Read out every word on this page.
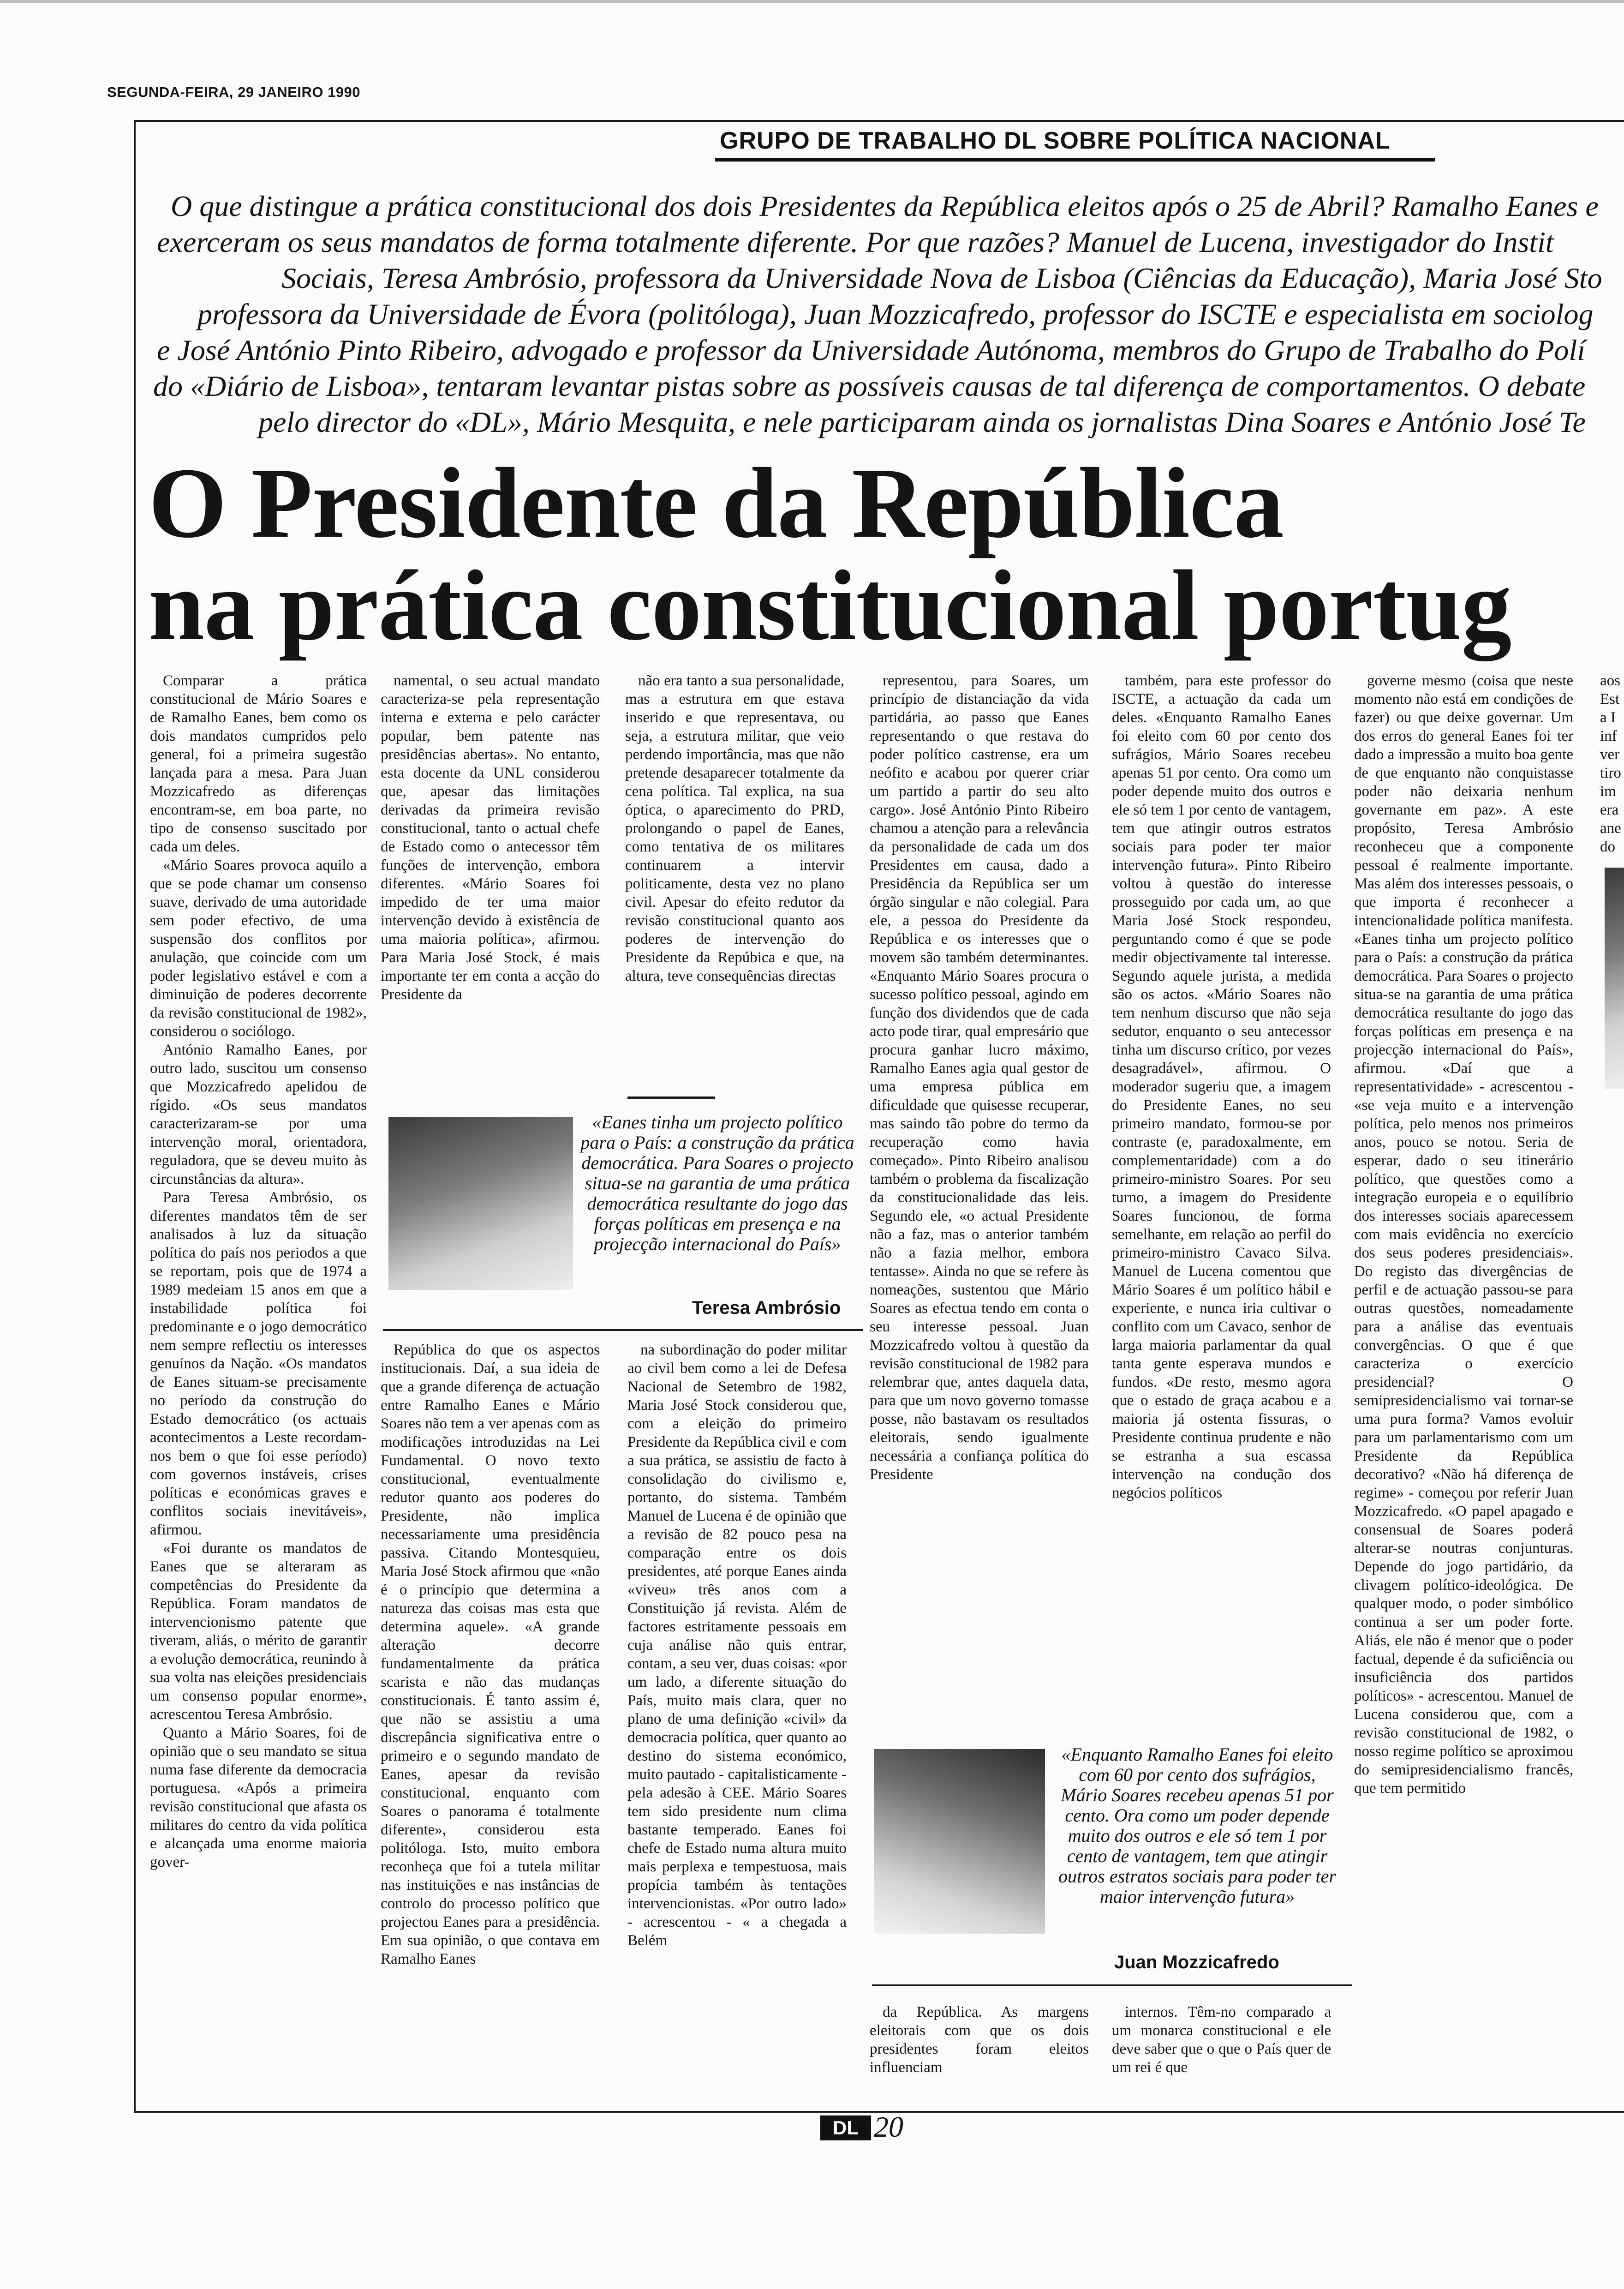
SEGUNDA-FEIRA, 29 JANEIRO 1990
GRUPO DE TRABALHO DL SOBRE POLÍTICA NACIONAL
O que distingue a prática constitucional dos dois Presidentes da República eleitos após o 25 de Abril? Ramalho Eanes e
exerceram os seus mandatos de forma totalmente diferente. Por que razões? Manuel de Lucena, investigador do Instit
Sociais, Teresa Ambrósio, professora da Universidade Nova de Lisboa (Ciências da Educação), Maria José Sto
professora da Universidade de Évora (politóloga), Juan Mozzicafredo, professor do ISCTE e especialista em sociolog
e José António Pinto Ribeiro, advogado e professor da Universidade Autónoma, membros do Grupo de Trabalho do Polí
do «Diário de Lisboa», tentaram levantar pistas sobre as possíveis causas de tal diferença de comportamentos. O debate
pelo director do «DL», Mário Mesquita, e nele participaram ainda os jornalistas Dina Soares e António José Te
O Presidente da República
na prática constitucional portug

Comparar a prática constitucional de Mário Soares e de Ramalho Eanes, bem como os dois mandatos cumpridos pelo general, foi a primeira sugestão lançada para a mesa. Para Juan Mozzicafredo as diferenças encontram-se, em boa parte, no tipo de consenso suscitado por cada um deles.

«Mário Soares provoca aquilo a que se pode chamar um consenso suave, derivado de uma autoridade sem poder efectivo, de uma suspensão dos conflitos por anulação, que coincide com um poder legislativo estável e com a diminuição de poderes decorrente da revisão constitucional de 1982», considerou o sociólogo.

António Ramalho Eanes, por outro lado, suscitou um consenso que Mozzicafredo apelidou de rígido. «Os seus mandatos caracterizaram-se por uma intervenção moral, orientadora, reguladora, que se deveu muito às circunstâncias da altura».

Para Teresa Ambrósio, os diferentes mandatos têm de ser analisados à luz da situação política do país nos periodos a que se reportam, pois que de 1974 a 1989 medeiam 15 anos em que a instabilidade política foi predominante e o jogo democrático nem sempre reflectiu os interesses genuínos da Nação. «Os mandatos de Eanes situam-se precisamente no período da construção do Estado democrático (os actuais acontecimentos a Leste recordam-nos bem o que foi esse período) com governos instáveis, crises políticas e económicas graves e conflitos sociais inevitáveis», afirmou.

«Foi durante os mandatos de Eanes que se alteraram as competências do Presidente da República. Foram mandatos de intervencionismo patente que tiveram, aliás, o mérito de garantir a evolução democrática, reunindo à sua volta nas eleições presidenciais um consenso popular enorme», acrescentou Teresa Ambrósio.

Quanto a Mário Soares, foi de opinião que o seu mandato se situa numa fase diferente da democracia portuguesa. «Após a primeira revisão constitucional que afasta os militares do centro da vida política e alcançada uma enorme maioria gover-

namental, o seu actual mandato caracteriza-se pela representação interna e externa e pelo carácter popular, bem patente nas presidências abertas». No entanto, esta docente da UNL considerou que, apesar das limitações derivadas da primeira revisão constitucional, tanto o actual chefe de Estado como o antecessor têm funções de intervenção, embora diferentes. «Mário Soares foi impedido de ter uma maior intervenção devido à existência de uma maioria política», afirmou. Para Maria José Stock, é mais importante ter em conta a acção do Presidente da

não era tanto a sua personalidade, mas a estrutura em que estava inserido e que representava, ou seja, a estrutura militar, que veio perdendo importância, mas que não pretende desaparecer totalmente da cena política. Tal explica, na sua óptica, o aparecimento do PRD, prolongando o papel de Eanes, como tentativa de os militares continuarem a intervir politicamente, desta vez no plano civil. Apesar do efeito redutor da revisão constitucional quanto aos poderes de intervenção do Presidente da Repúbica e que, na altura, teve consequências directas

«Eanes tinha um projecto político para o País: a construção da prática democrática. Para Soares o projecto situa-se na garantia de uma prática democrática resultante do jogo das forças políticas em presença e na projecção internacional do País»
Teresa Ambrósio

República do que os aspectos institucionais. Daí, a sua ideia de que a grande diferença de actuação entre Ramalho Eanes e Mário Soares não tem a ver apenas com as modificações introduzidas na Lei Fundamental. O novo texto constitucional, eventualmente redutor quanto aos poderes do Presidente, não implica necessariamente uma presidência passiva. Citando Montesquieu, Maria José Stock afirmou que «não é o princípio que determina a natureza das coisas mas esta que determina aquele». «A grande alteração decorre fundamentalmente da prática scarista e não das mudanças constitucionais. É tanto assim é, que não se assistiu a uma discrepância significativa entre o primeiro e o segundo mandato de Eanes, apesar da revisão constitucional, enquanto com Soares o panorama é totalmente diferente», considerou esta politóloga. Isto, muito embora reconheça que foi a tutela militar nas instituições e nas instâncias de controlo do processo político que projectou Eanes para a presidência. Em sua opinião, o que contava em Ramalho Eanes

na subordinação do poder militar ao civil bem como a lei de Defesa Nacional de Setembro de 1982, Maria José Stock considerou que, com a eleição do primeiro Presidente da República civil e com a sua prática, se assistiu de facto à consolidação do civilismo e, portanto, do sistema. Também Manuel de Lucena é de opinião que a revisão de 82 pouco pesa na comparação entre os dois presidentes, até porque Eanes ainda «viveu» três anos com a Constituição já revista. Além de factores estritamente pessoais em cuja análise não quis entrar, contam, a seu ver, duas coisas: «por um lado, a diferente situação do País, muito mais clara, quer no plano de uma definição «civil» da democracia política, quer quanto ao destino do sistema económico, muito pautado - capitalisticamente - pela adesão à CEE. Mário Soares tem sido presidente num clima bastante temperado. Eanes foi chefe de Estado numa altura muito mais perplexa e tempestuosa, mais propícia também às tentações intervencionistas. «Por outro lado» - acrescentou - « a chegada a Belém

representou, para Soares, um princípio de distanciação da vida partidária, ao passo que Eanes representando o que restava do poder político castrense, era um neófito e acabou por querer criar um partido a partir do seu alto cargo». José António Pinto Ribeiro chamou a atenção para a relevância da personalidade de cada um dos Presidentes em causa, dado a Presidência da República ser um órgão singular e não colegial. Para ele, a pessoa do Presidente da República e os interesses que o movem são também determinantes. «Enquanto Mário Soares procura o sucesso político pessoal, agindo em função dos dividendos que de cada acto pode tirar, qual empresário que procura ganhar lucro máximo, Ramalho Eanes agia qual gestor de uma empresa pública em dificuldade que quisesse recuperar, mas saindo tão pobre do termo da recuperação como havia começado». Pinto Ribeiro analisou também o problema da fiscalização da constitucionalidade das leis. Segundo ele, «o actual Presidente não a faz, mas o anterior também não a fazia melhor, embora tentasse». Ainda no que se refere às nomeações, sustentou que Mário Soares as efectua tendo em conta o seu interesse pessoal. Juan Mozzicafredo voltou à questão da revisão constitucional de 1982 para relembrar que, antes daquela data, para que um novo governo tomasse posse, não bastavam os resultados eleitorais, sendo igualmente necessária a confiança política do Presidente

também, para este professor do ISCTE, a actuação da cada um deles. «Enquanto Ramalho Eanes foi eleito com 60 por cento dos sufrágios, Mário Soares recebeu apenas 51 por cento. Ora como um poder depende muito dos outros e ele só tem 1 por cento de vantagem, tem que atingir outros estratos sociais para poder ter maior intervenção futura». Pinto Ribeiro voltou à questão do interesse prosseguido por cada um, ao que Maria José Stock respondeu, perguntando como é que se pode medir objectivamente tal interesse. Segundo aquele jurista, a medida são os actos. «Mário Soares não tem nenhum discurso que não seja sedutor, enquanto o seu antecessor tinha um discurso crítico, por vezes desagradável», afirmou. O moderador sugeriu que, a imagem do Presidente Eanes, no seu primeiro mandato, formou-se por contraste (e, paradoxalmente, em complementaridade) com a do primeiro-ministro Soares. Por seu turno, a imagem do Presidente Soares funcionou, de forma semelhante, em relação ao perfil do primeiro-ministro Cavaco Silva. Manuel de Lucena comentou que Mário Soares é um político hábil e experiente, e nunca iria cultivar o conflito com um Cavaco, senhor de larga maioria parlamentar da qual tanta gente esperava mundos e fundos. «De resto, mesmo agora que o estado de graça acabou e a maioria já ostenta fissuras, o Presidente continua prudente e não se estranha a sua escassa intervenção na condução dos negócios políticos

«Enquanto Ramalho Eanes foi eleito com 60 por cento dos sufrágios, Mário Soares recebeu apenas 51 por cento. Ora como um poder depende muito dos outros e ele só tem 1 por cento de vantagem, tem que atingir outros estratos sociais para poder ter maior intervenção futura»
Juan Mozzicafredo

da República. As margens eleitorais com que os dois presidentes foram eleitos influenciam

internos. Têm-no comparado a um monarca constitucional e ele deve saber que o que o País quer de um rei é que

governe mesmo (coisa que neste momento não está em condições de fazer) ou que deixe governar. Um dos erros do general Eanes foi ter dado a impressão a muito boa gente de que enquanto não conquistasse poder não deixaria nenhum governante em paz». A este propósito, Teresa Ambrósio reconheceu que a componente pessoal é realmente importante. Mas além dos interesses pessoais, o que importa é reconhecer a intencionalidade política manifesta. «Eanes tinha um projecto político para o País: a construção da prática democrática. Para Soares o projecto situa-se na garantia de uma prática democrática resultante do jogo das forças políticas em presença e na projecção internacional do País», afirmou. «Daí que a representatividade» - acrescentou - «se veja muito e a intervenção política, pelo menos nos primeiros anos, pouco se notou. Seria de esperar, dado o seu itinerário político, que questões como a integração europeia e o equilíbrio dos interesses sociais aparecessem com mais evidência no exercício dos seus poderes presidenciais». Do registo das divergências de perfil e de actuação passou-se para outras questões, nomeadamente para a análise das eventuais convergências. O que é que caracteriza o exercício presidencial? O semipresidencialismo vai tornar-se uma pura forma? Vamos evoluir para um parlamentarismo com um Presidente da República decorativo? «Não há diferença de regime» - começou por referir Juan Mozzicafredo. «O papel apagado e consensual de Soares poderá alterar-se noutras conjunturas. Depende do jogo partidário, da clivagem político-ideológica. De qualquer modo, o poder simbólico continua a ser um poder forte. Aliás, ele não é menor que o poder factual, depende é da suficiência ou insuficiência dos partidos políticos» - acrescentou. Manuel de Lucena considerou que, com a revisão constitucional de 1982, o nosso regime político se aproximou do semipresidencialismo francês, que tem permitido

aos
Est
a I
inf
ver
tiro
im
era
ane
do
DL 20
